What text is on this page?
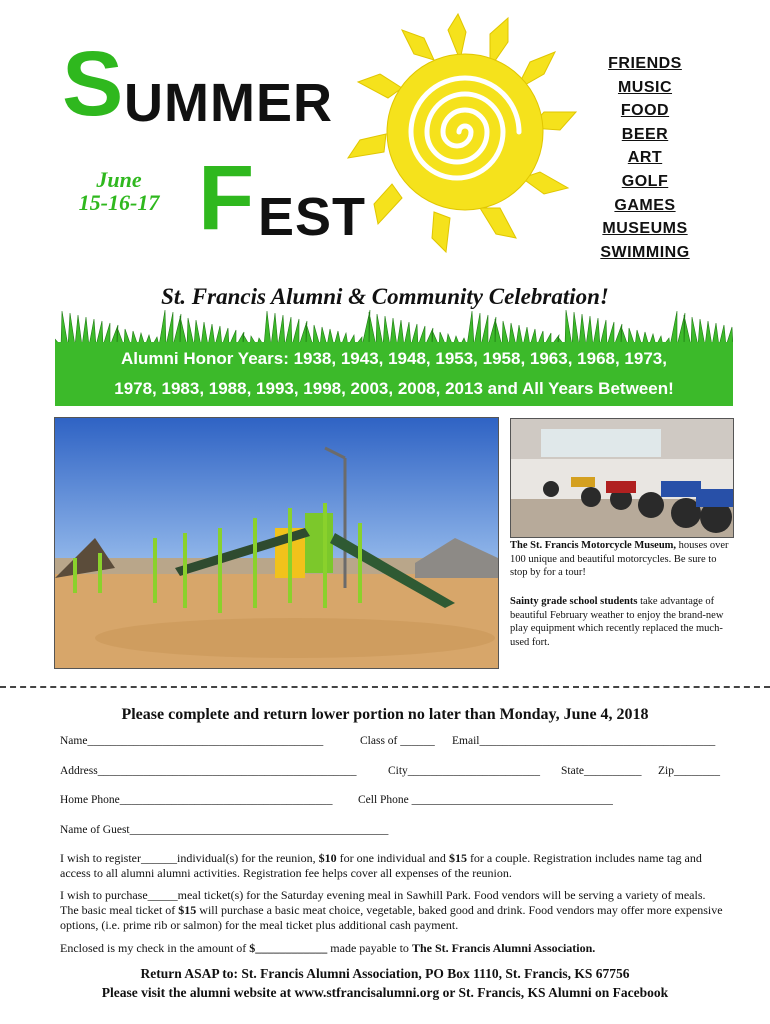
S UMMER
F EST
June
15-16-17
FRIENDS
MUSIC
FOOD
BEER
ART
GOLF
GAMES
MUSEUMS
SWIMMING
St. Francis Alumni & Community Celebration!
Alumni Honor Years: 1938, 1943, 1948, 1953, 1958, 1963, 1968, 1973,
1978, 1983, 1988, 1993, 1998, 2003, 2008, 2013 and All Years Between!
The St. Francis Motorcycle Museum, houses over 100 unique and beautiful motorcycles. Be sure to stop by for a tour!
Sainty grade school students take advantage of beautiful February weather to enjoy the brand-new play equipment which recently replaced the much-used fort.
Please complete and return lower portion no later than Monday, June 4, 2018
Name_________________________________________	Class of ______ Email_________________________________________
Address_____________________________________________	City_______________________ State__________ Zip________
Home Phone_____________________________________ Cell Phone ___________________________________
Name of Guest_____________________________________________
I wish to register______individual(s) for the reunion, $10 for one individual and $15 for a couple. Registration includes name tag and access to all alumni alumni activities. Registration fee helps cover all expenses of the reunion.
I wish to purchase_____meal ticket(s) for the Saturday evening meal in Sawhill Park. Food vendors will be serving a variety of meals. The basic meal ticket of $15 will purchase a basic meat choice, vegetable, baked good and drink. Food vendors may offer more expensive options, (i.e. prime rib or salmon) for the meal ticket plus additional cash payment.
Enclosed is my check in the amount of $____________ made payable to The St. Francis Alumni Association.
Return ASAP to: St. Francis Alumni Association, PO Box 1110, St. Francis, KS 67756
Please visit the alumni website at www.stfrancisalumni.org or St. Francis, KS Alumni on Facebook
